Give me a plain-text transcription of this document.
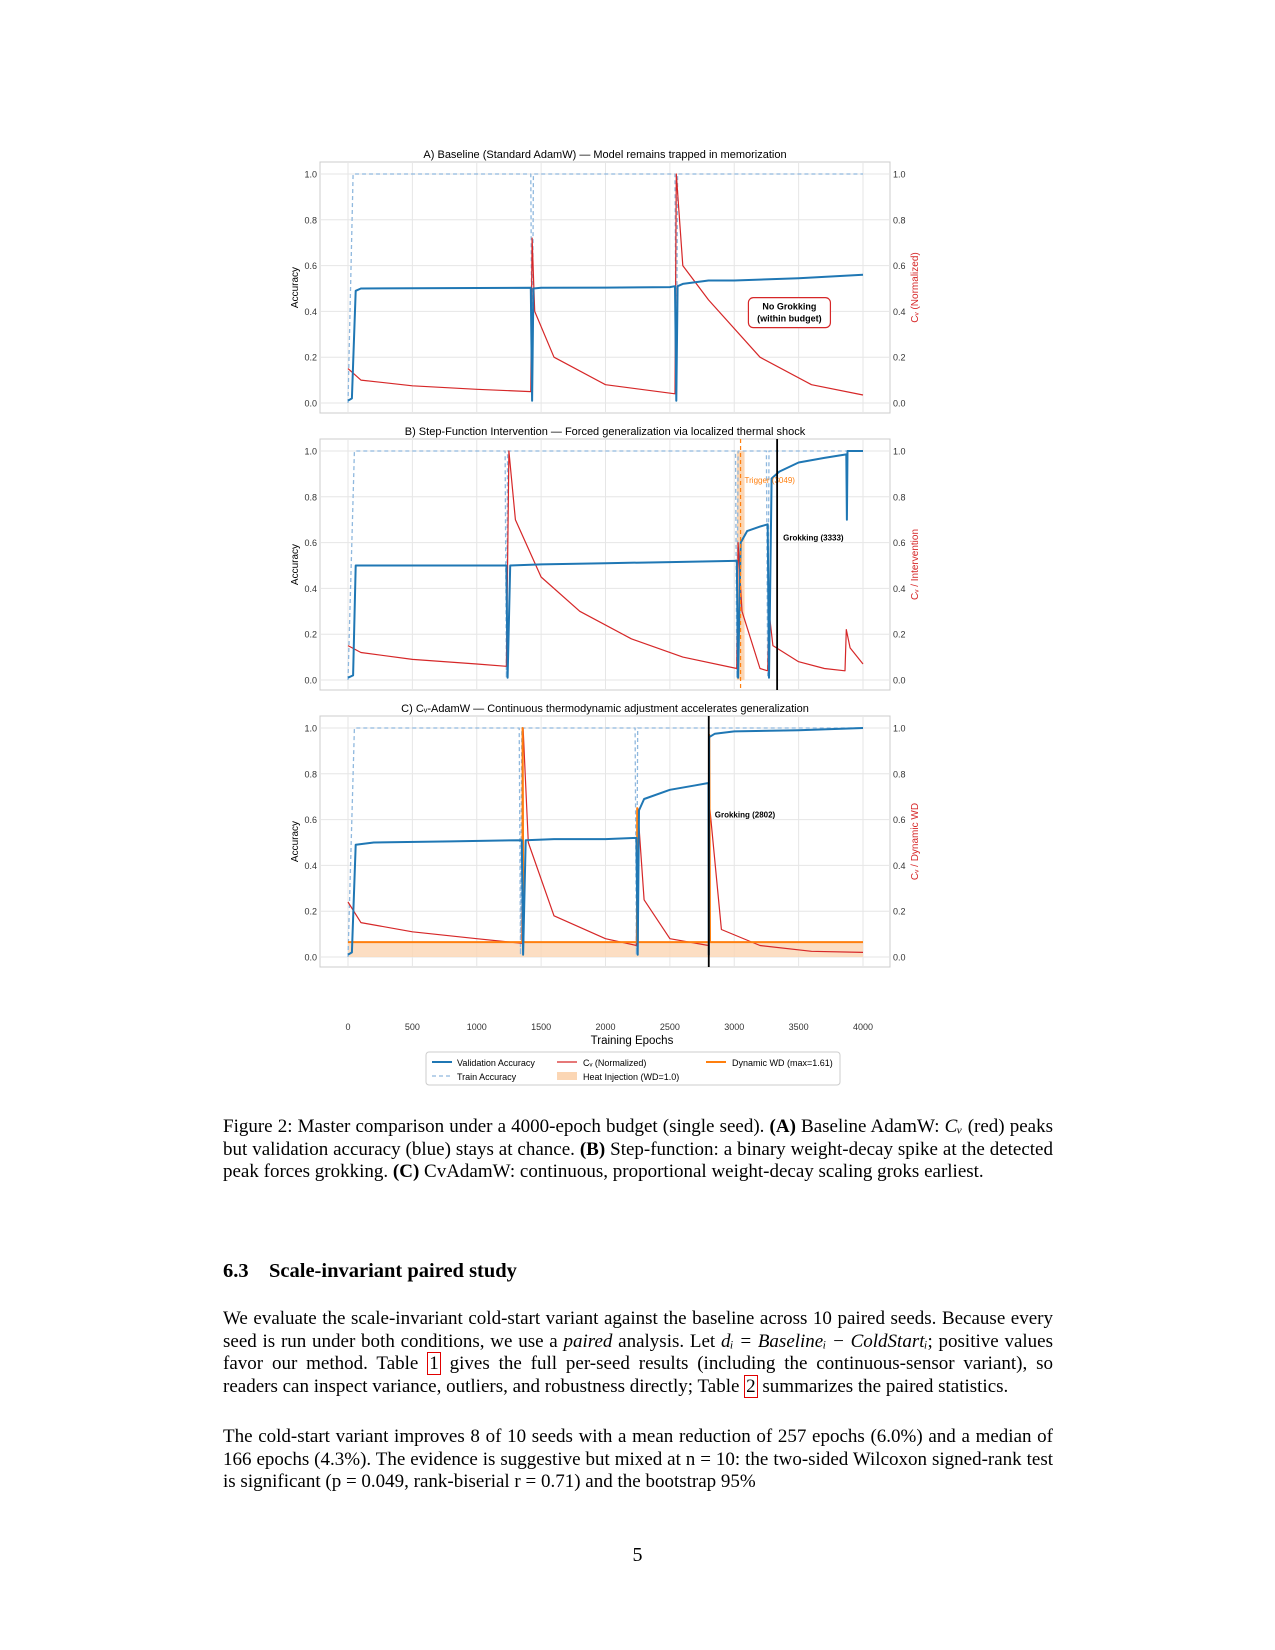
0.0	0.0
0.2	0.2
0.4	0.4
0.6	0.6
0.8	0.8
1.0	1.0
A) Baseline (Standard AdamW) — Model remains trapped in memorization
Accuracy	Cᵥ (Normalized)
No Grokking
(within budget)
0.0	0.0
0.2	0.2
0.4	0.4
0.6	0.6
0.8	0.8
1.0	1.0
B) Step-Function Intervention — Forced generalization via localized thermal shock
Accuracy	Cᵥ / Intervention
Trigger (3049)
Grokking (3333)
0.0	0.0
0.2	0.2
0.4	0.4
0.6	0.6
0.8	0.8
1.0	1.0
C) Cᵥ-AdamW — Continuous thermodynamic adjustment accelerates generalization
Accuracy	Cᵥ / Dynamic WD
Grokking (2802)
0	500	1000	1500	2000	2500	3000	3500	4000
Training Epochs
Validation Accuracy
Train Accuracy
Cᵥ (Normalized)
Heat Injection (WD=1.0)
Dynamic WD (max=1.61)
Figure 2: Master comparison under a 4000-epoch budget (single seed). (A) Baseline AdamW: Cᵥ (red) peaks but validation accuracy (blue) stays at chance. (B) Step-function: a binary weight-decay spike at the detected peak forces grokking. (C) CvAdamW: continuous, proportional weight-decay scaling groks earliest.
6.3 Scale-invariant paired study

We evaluate the scale-invariant cold-start variant against the baseline across 10 paired seeds. Because every seed is run under both conditions, we use a paired analysis. Let dᵢ = Baselineᵢ − ColdStartᵢ; positive values favor our method. Table 1 gives the full per-seed results (including the continuous-sensor variant), so readers can inspect variance, outliers, and robustness directly; Table 2 summarizes the paired statistics.

The cold-start variant improves 8 of 10 seeds with a mean reduction of 257 epochs (6.0%) and a median of 166 epochs (4.3%). The evidence is suggestive but mixed at n = 10: the two-sided Wilcoxon signed-rank test is significant (p = 0.049, rank-biserial r = 0.71) and the bootstrap 95%

5
